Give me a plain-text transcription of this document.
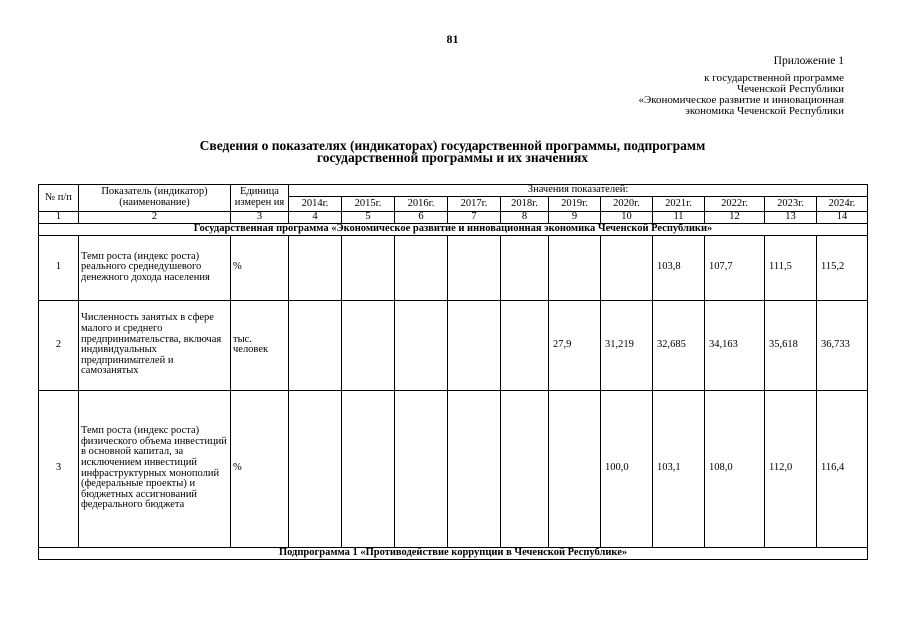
81
Приложение 1
к государственной программе
Чеченской Республики
«Экономическое развитие и инновационная
экономика Чеченской Республики
Сведения о показателях (индикаторах) государственной программы, подпрограмм
государственной программы и их значениях
№ п/п	Показатель (индикатор) (наименование)	Единица измерен ия	Значения показателей:										
			2014г.	2015г.	2016г.	2017г.	2018г.	2019г.	2020г.	2021г.	2022г.	2023г.	2024г.
1	2	3	4	5	6	7	8	9	10	11	12	13	14
Государственная программа «Экономическое развитие и инновационная экономика Чеченской Республики»													
1	Темп роста (индекс роста) реального среднедушевого денежного дохода населения	%								103,8	107,7	111,5	115,2
2	Численность занятых в сфере малого и среднего предпринимательства, включая индивидуальных предпринимателей и самозанятых	тыс. человек						27,9	31,219	32,685	34,163	35,618	36,733
3	Темп роста (индекс роста) физического объема инвестиций в основной капитал, за исключением инвестиций инфраструктурных монополий (федеральные проекты) и бюджетных ассигнований федерального бюджета	%							100,0	103,1	108,0	112,0	116,4
Подпрограмма 1 «Противодействие коррупции в Чеченской Республике»													
